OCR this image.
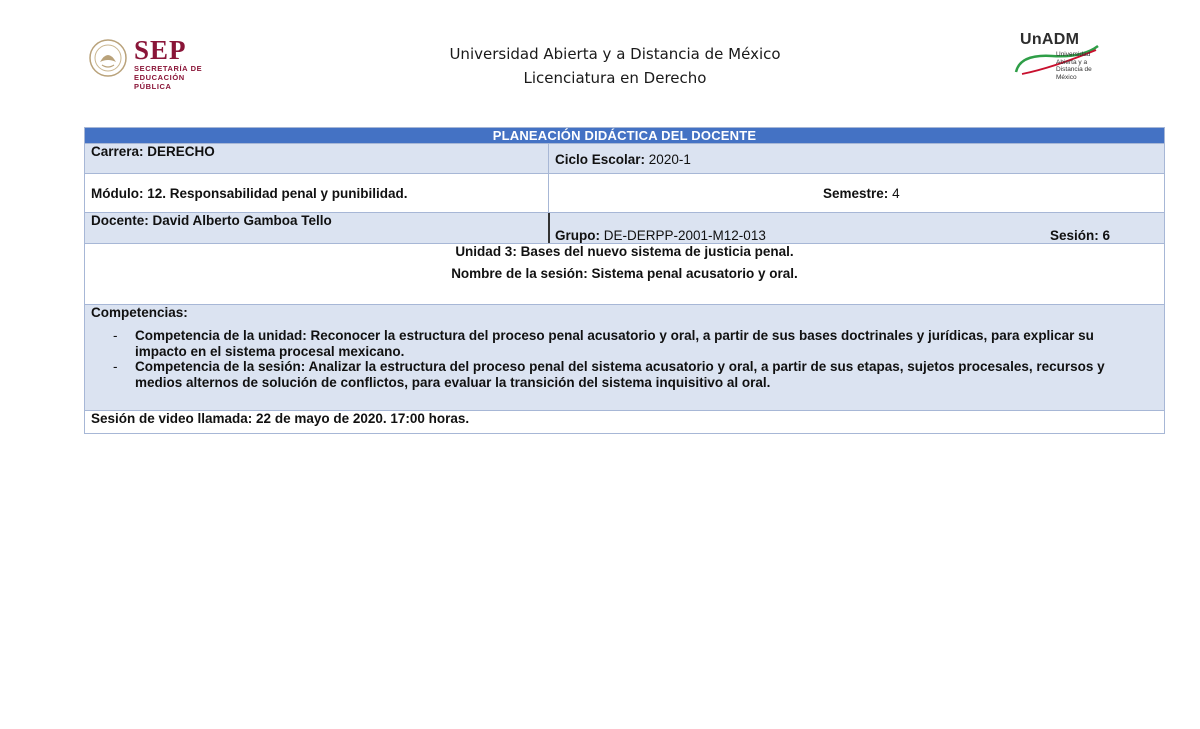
SEP
SECRETARÍA DE
EDUCACIÓN PÚBLICA
Universidad Abierta y a Distancia de México
Licenciatura en Derecho
UnADM
Universidad Abierta y a
Distancia de México
PLANEACIÓN DIDÁCTICA DEL DOCENTE
Carrera: DERECHO
Ciclo Escolar: 2020-1
Módulo: 12. Responsabilidad penal y punibilidad.	Semestre: 4
Docente: David Alberto Gamboa Tello
Grupo: DE-DERPP-2001-M12-013	Sesión: 6
Unidad 3: Bases del nuevo sistema de justicia penal.
Nombre de la sesión: Sistema penal acusatorio y oral.
Competencias:
- Competencia de la unidad: Reconocer la estructura del proceso penal acusatorio y oral, a partir de sus bases doctrinales y jurídicas, para explicar su impacto en el sistema procesal mexicano.
- Competencia de la sesión: Analizar la estructura del proceso penal del sistema acusatorio y oral, a partir de sus etapas, sujetos procesales, recursos y medios alternos de solución de conflictos, para evaluar la transición del sistema inquisitivo al oral.
Sesión de video llamada: 22 de mayo de 2020. 17:00 horas.
